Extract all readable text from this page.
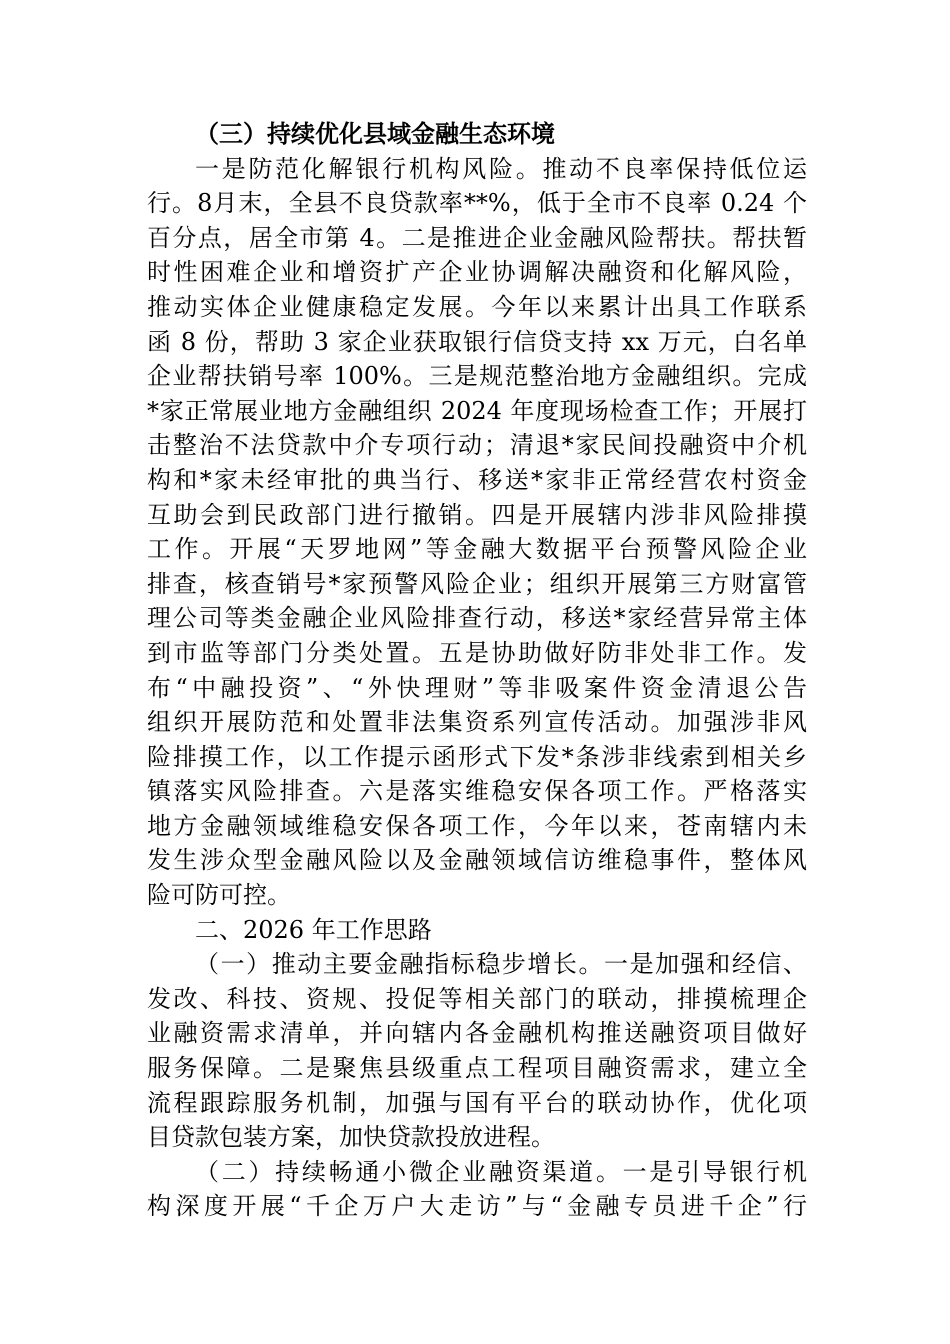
（三）持续优化县域金融生态环境
一是防范化解银行机构风险。推动不良率保持低位运
行。8月末，全县不良贷款率**%，低于全市不良率 0.24 个
百分点，居全市第 4。二是推进企业金融风险帮扶。帮扶暂
时性困难企业和增资扩产企业协调解决融资和化解风险，
推动实体企业健康稳定发展。今年以来累计出具工作联系
函 8 份，帮助 3 家企业获取银行信贷支持 xx 万元，白名单
企业帮扶销号率 100%。三是规范整治地方金融组织。完成
*家正常展业地方金融组织 2024 年度现场检查工作；开展打
击整治不法贷款中介专项行动；清退*家民间投融资中介机
构和*家未经审批的典当行、移送*家非正常经营农村资金
互助会到民政部门进行撤销。四是开展辖内涉非风险排摸
工作。开展“天罗地网”等金融大数据平台预警风险企业
排查，核查销号*家预警风险企业；组织开展第三方财富管
理公司等类金融企业风险排查行动，移送*家经营异常主体
到市监等部门分类处置。五是协助做好防非处非工作。发
布“中融投资”、“外快理财”等非吸案件资金清退公告
组织开展防范和处置非法集资系列宣传活动。加强涉非风
险排摸工作，以工作提示函形式下发*条涉非线索到相关乡
镇落实风险排查。六是落实维稳安保各项工作。严格落实
地方金融领域维稳安保各项工作，今年以来，苍南辖内未
发生涉众型金融风险以及金融领域信访维稳事件，整体风
险可防可控。
二、2026 年工作思路
（一）推动主要金融指标稳步增长。一是加强和经信、
发改、科技、资规、投促等相关部门的联动，排摸梳理企
业融资需求清单，并向辖内各金融机构推送融资项目做好
服务保障。二是聚焦县级重点工程项目融资需求，建立全
流程跟踪服务机制，加强与国有平台的联动协作，优化项
目贷款包装方案，加快贷款投放进程。
（二）持续畅通小微企业融资渠道。一是引导银行机
构深度开展“千企万户大走访”与“金融专员进千企”行
